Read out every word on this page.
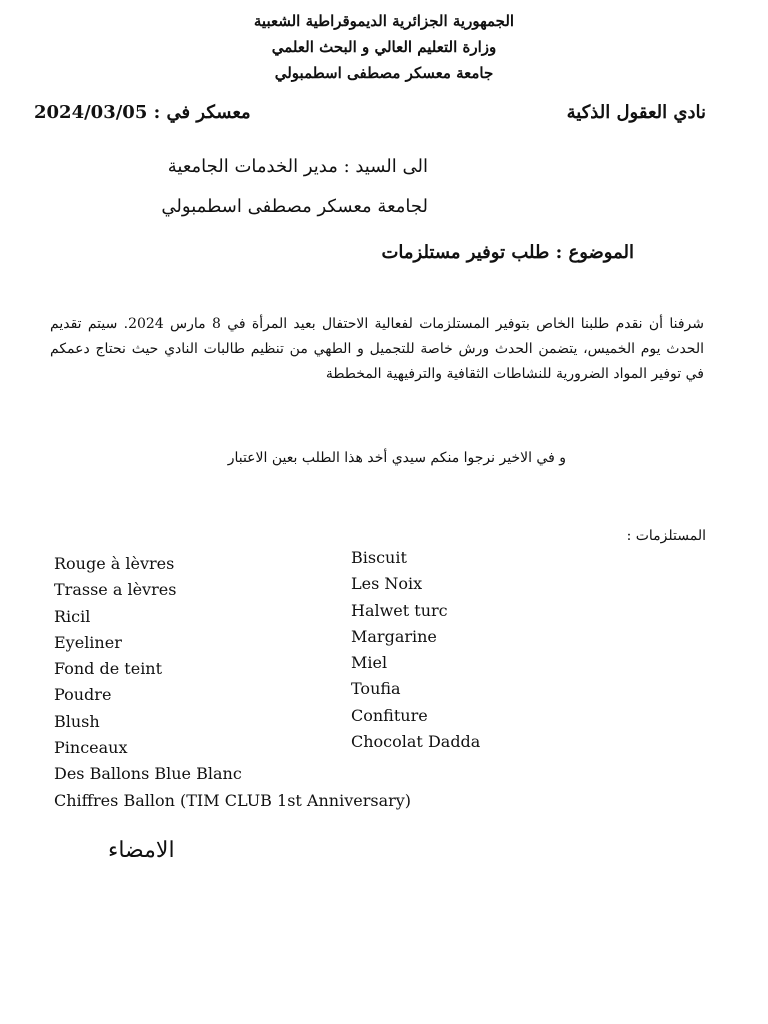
الجمهورية الجزائرية الديموقراطية الشعبية

وزارة التعليم العالي و البحث العلمي

جامعة معسكر مصطفى اسطمبولي

نادي العقول الذكية

معسكر في : 2024/03/05

الى السيد : مدير الخدمات الجامعية

لجامعة معسكر مصطفى اسطمبولي

الموضوع : طلب توفير مستلزمات

شرفنا أن نقدم طلبنا الخاص بتوفير المستلزمات لفعالية الاحتفال بعيد المرأة في 8 مارس 2024. سيتم تقديم الحدث يوم الخميس، يتضمن الحدث ورش خاصة للتجميل و الطهي من تنظيم طالبات النادي حيث نحتاج دعمكم في توفير المواد الضرورية للنشاطات الثقافية والترفيهية المخططة

و في الاخير نرجوا منكم سيدي أخد هذا الطلب بعين الاعتبار

المستلزمات :

Rouge à lèvres
Trasse a lèvres
Ricil
Eyeliner
Fond de teint
Poudre
Blush
Pinceaux
Des Ballons Blue Blanc
Chiffres Ballon (TIM CLUB 1st Anniversary)
Biscuit
Les Noix
Halwet turc
Margarine
Miel
Toufia
Confiture
Chocolat Dadda

الامضاء
